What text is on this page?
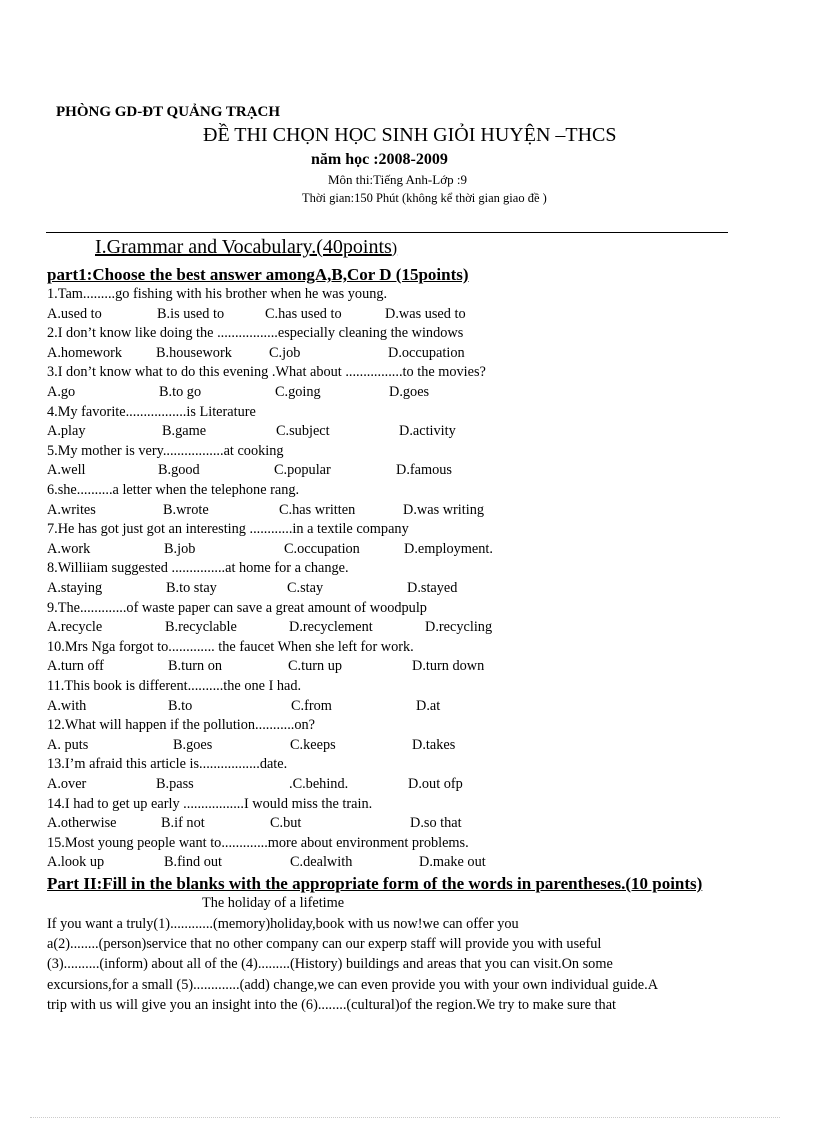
PHÒNG GD-ĐT QUẢNG TRẠCH
ĐỀ THI CHỌN HỌC SINH GIỎI HUYỆN –THCS
năm học :2008-2009
Môn thi:Tiếng Anh-Lớp :9
Thời gian:150 Phút (không kể thời gian giao đề )
I.Grammar and Vocabulary.(40points)
part1:Choose the best answer amongA,B,Cor D (15points)
1.Tam.........go fishing with his brother when he was young.
A.used to	B.is used to	C.has used to	D.was used to
2.I don’t know like doing the .................especially cleaning the windows
A.homework B.housework	C.job	D.occupation
3.I don’t know what to do this evening .What about ................to the movies?
A.go	B.to go	C.going	D.goes
4.My favorite.................is Literature
A.play	B.game	C.subject	D.activity
5.My mother is very.................at cooking
A.well	B.good	C.popular	D.famous
6.she..........a letter when the telephone rang.
A.writes	B.wrote	C.has written	D.was writing
7.He has got just got an interesting ............in a textile company
A.work	B.job	C.occupation	D.employment.
8.Williiam suggested ...............at home for a change.
A.staying	B.to stay	C.stay	D.stayed
9.The.............of waste paper can save a great amount of woodpulp
A.recycle	B.recyclable	D.recyclement	D.recycling
10.Mrs Nga forgot to............. the faucet When she left for work.
A.turn off	B.turn on	C.turn up	D.turn down
11.This book is different..........the one I had.
A.with	B.to	C.from	D.at
12.What will happen if the pollution...........on?
A. puts	B.goes	C.keeps	D.takes
13.I’m afraid this article is.................date.
A.over	B.pass	.C.behind.	D.out ofp
14.I had to get up early .................I would miss the train.
A.otherwise	B.if not	C.but	D.so that
15.Most young people want to.............more about environment problems.
A.look up	B.find out	C.dealwith	D.make out
Part II:Fill in the blanks with the appropriate form of the words in parentheses.(10 points)
The holiday of a lifetime
If you want a truly(1)............(memory)holiday,book with us now!we can offer you
a(2)........(person)service that no other company can our experp staff will provide you with useful
(3)..........(inform) about all of the (4).........(History) buildings and areas that you can visit.On some
excursions,for a small (5).............(add) change,we can even provide you with your own individual guide.A
trip with us will give you an insight into the (6)........(cultural)of the region.We try to make sure that
